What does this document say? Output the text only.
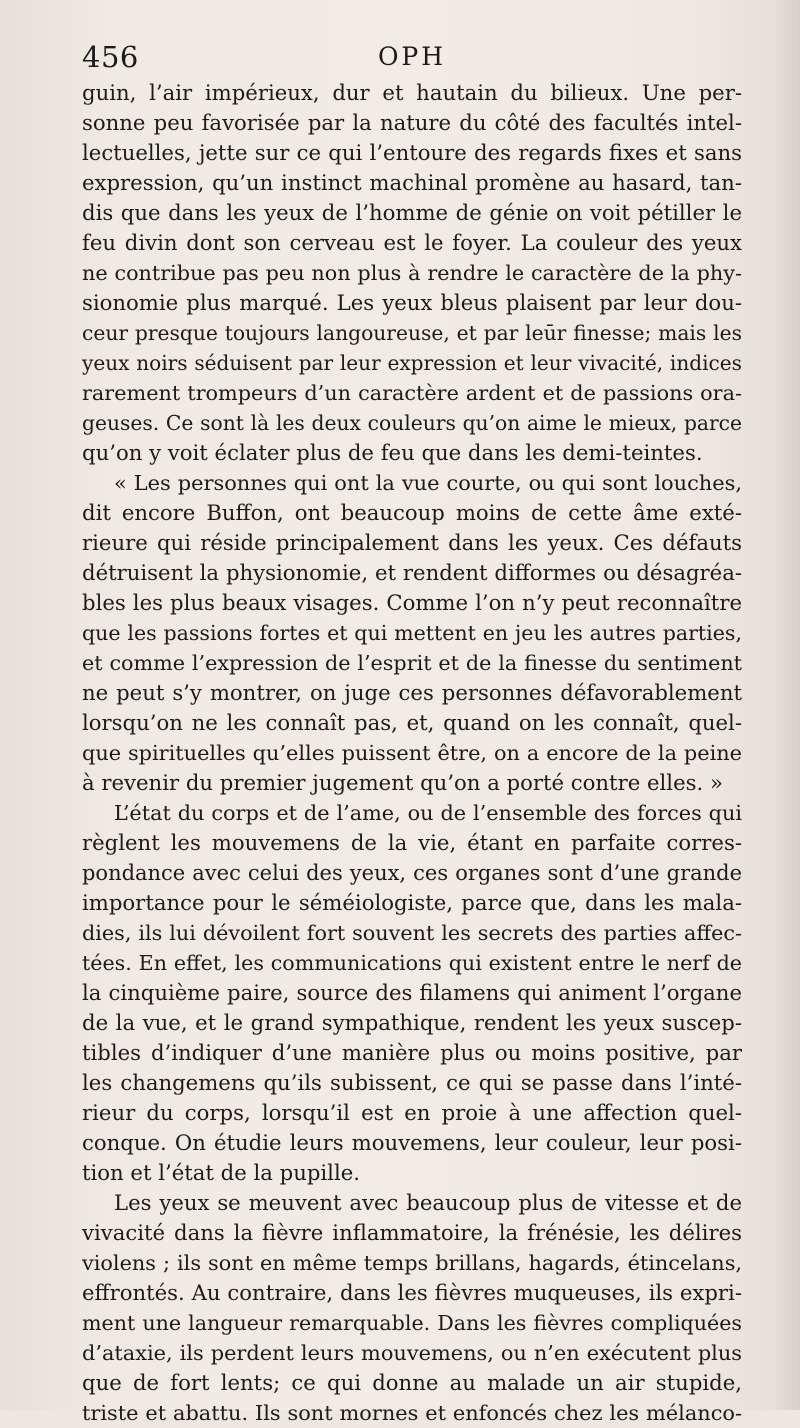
456	OPH
guin, l’air impérieux, dur et hautain du bilieux. Une per-
sonne peu favorisée par la nature du côté des facultés intel-
lectuelles, jette sur ce qui l’entoure des regards fixes et sans
expression, qu’un instinct machinal promène au hasard, tan-
dis que dans les yeux de l’homme de génie on voit pétiller le
feu divin dont son cerveau est le foyer. La couleur des yeux
ne contribue pas peu non plus à rendre le caractère de la phy-
sionomie plus marqué. Les yeux bleus plaisent par leur dou-
ceur presque toujours langoureuse, et par leūr finesse; mais les
yeux noirs séduisent par leur expression et leur vivacité, indices
rarement trompeurs d’un caractère ardent et de passions ora-
geuses. Ce sont là les deux couleurs qu’on aime le mieux, parce
qu’on y voit éclater plus de feu que dans les demi-teintes.
« Les personnes qui ont la vue courte, ou qui sont louches,
dit encore Buffon, ont beaucoup moins de cette âme exté-
rieure qui réside principalement dans les yeux. Ces défauts
détruisent la physionomie, et rendent difformes ou désagréa-
bles les plus beaux visages. Comme l’on n’y peut reconnaître
que les passions fortes et qui mettent en jeu les autres parties,
et comme l’expression de l’esprit et de la finesse du sentiment
ne peut s’y montrer, on juge ces personnes défavorablement
lorsqu’on ne les connaît pas, et, quand on les connaît, quel-
que spirituelles qu’elles puissent être, on a encore de la peine
à revenir du premier jugement qu’on a porté contre elles. »
L’état du corps et de l’ame, ou de l’ensemble des forces qui
règlent les mouvemens de la vie, étant en parfaite corres-
pondance avec celui des yeux, ces organes sont d’une grande
importance pour le séméiologiste, parce que, dans les mala-
dies, ils lui dévoilent fort souvent les secrets des parties affec-
tées. En effet, les communications qui existent entre le nerf de
la cinquième paire, source des filamens qui animent l’organe
de la vue, et le grand sympathique, rendent les yeux suscep-
tibles d’indiquer d’une manière plus ou moins positive, par
les changemens qu’ils subissent, ce qui se passe dans l’inté-
rieur du corps, lorsqu’il est en proie à une affection quel-
conque. On étudie leurs mouvemens, leur couleur, leur posi-
tion et l’état de la pupille.
Les yeux se meuvent avec beaucoup plus de vitesse et de
vivacité dans la fièvre inflammatoire, la frénésie, les délires
violens ; ils sont en même temps brillans, hagards, étincelans,
effrontés. Au contraire, dans les fièvres muqueuses, ils expri-
ment une langueur remarquable. Dans les fièvres compliquées
d’ataxie, ils perdent leurs mouvemens, ou n’en exécutent plus
que de fort lents; ce qui donne au malade un air stupide,
triste et abattu. Ils sont mornes et enfoncés chez les mélanco-
